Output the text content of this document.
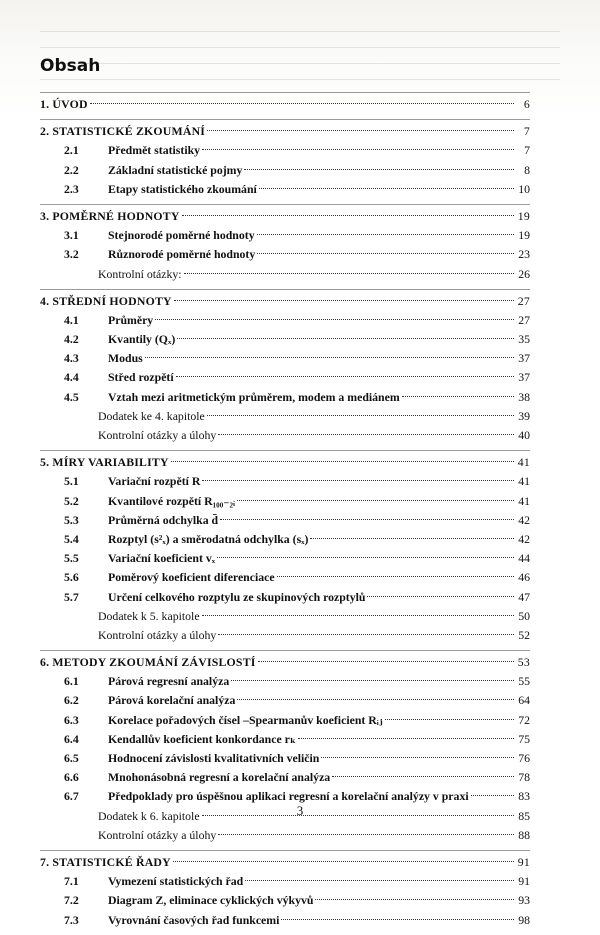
Obsah
1. ÚVOD	6
2. STATISTICKÉ ZKOUMÁNÍ	7
2.1	Předmět statistiky	7
2.2	Základní statistické pojmy	8
2.3	Etapy statistického zkoumání	10
3. POMĚRNÉ HODNOTY	19
3.1	Stejnorodé poměrné hodnoty	19
3.2	Různorodé poměrné hodnoty	23
Kontrolní otázky:	26
4. STŘEDNÍ HODNOTY	27
4.1	Průměry	27
4.2	Kvantily (Qₓ)	35
4.3	Modus	37
4.4	Střed rozpětí	37
4.5	Vztah mezi aritmetickým průměrem, modem a mediánem	38
Dodatek ke 4. kapitole	39
Kontrolní otázky a úlohy	40
5. MÍRY VARIABILITY	41
5.1	Variační rozpětí R	41
5.2	Kvantilové rozpětí R₁₀₀₋₂ᵢ	41
5.3	Průměrná odchylka d̄	42
5.4	Rozptyl (s²ₓ) a směrodatná odchylka (sₓ)	42
5.5	Variační koeficient vₓ	44
5.6	Poměrový koeficient diferenciace	46
5.7	Určení celkového rozptylu ze skupinových rozptylů	47
Dodatek k 5. kapitole	50
Kontrolní otázky a úlohy	52
6. METODY ZKOUMÁNÍ ZÁVISLOSTÍ	53
6.1	Párová regresní analýza	55
6.2	Párová korelační analýza	64
6.3	Korelace pořadových čísel –Spearmanův koeficient Rᵢⱼ	72
6.4	Kendallův koeficient konkordance rₖ	75
6.5	Hodnocení závislosti kvalitativních veličin	76
6.6	Mnohonásobná regresní a korelační analýza	78
6.7	Předpoklady pro úspěšnou aplikaci regresní a korelační analýzy v praxi	83
Dodatek k 6. kapitole	85
Kontrolní otázky a úlohy	88
7. STATISTICKÉ ŘADY	91
7.1	Vymezení statistických řad	91
7.2	Diagram Z, eliminace cyklických výkyvů	93
7.3	Vyrovnání časových řad funkcemi	98
3
